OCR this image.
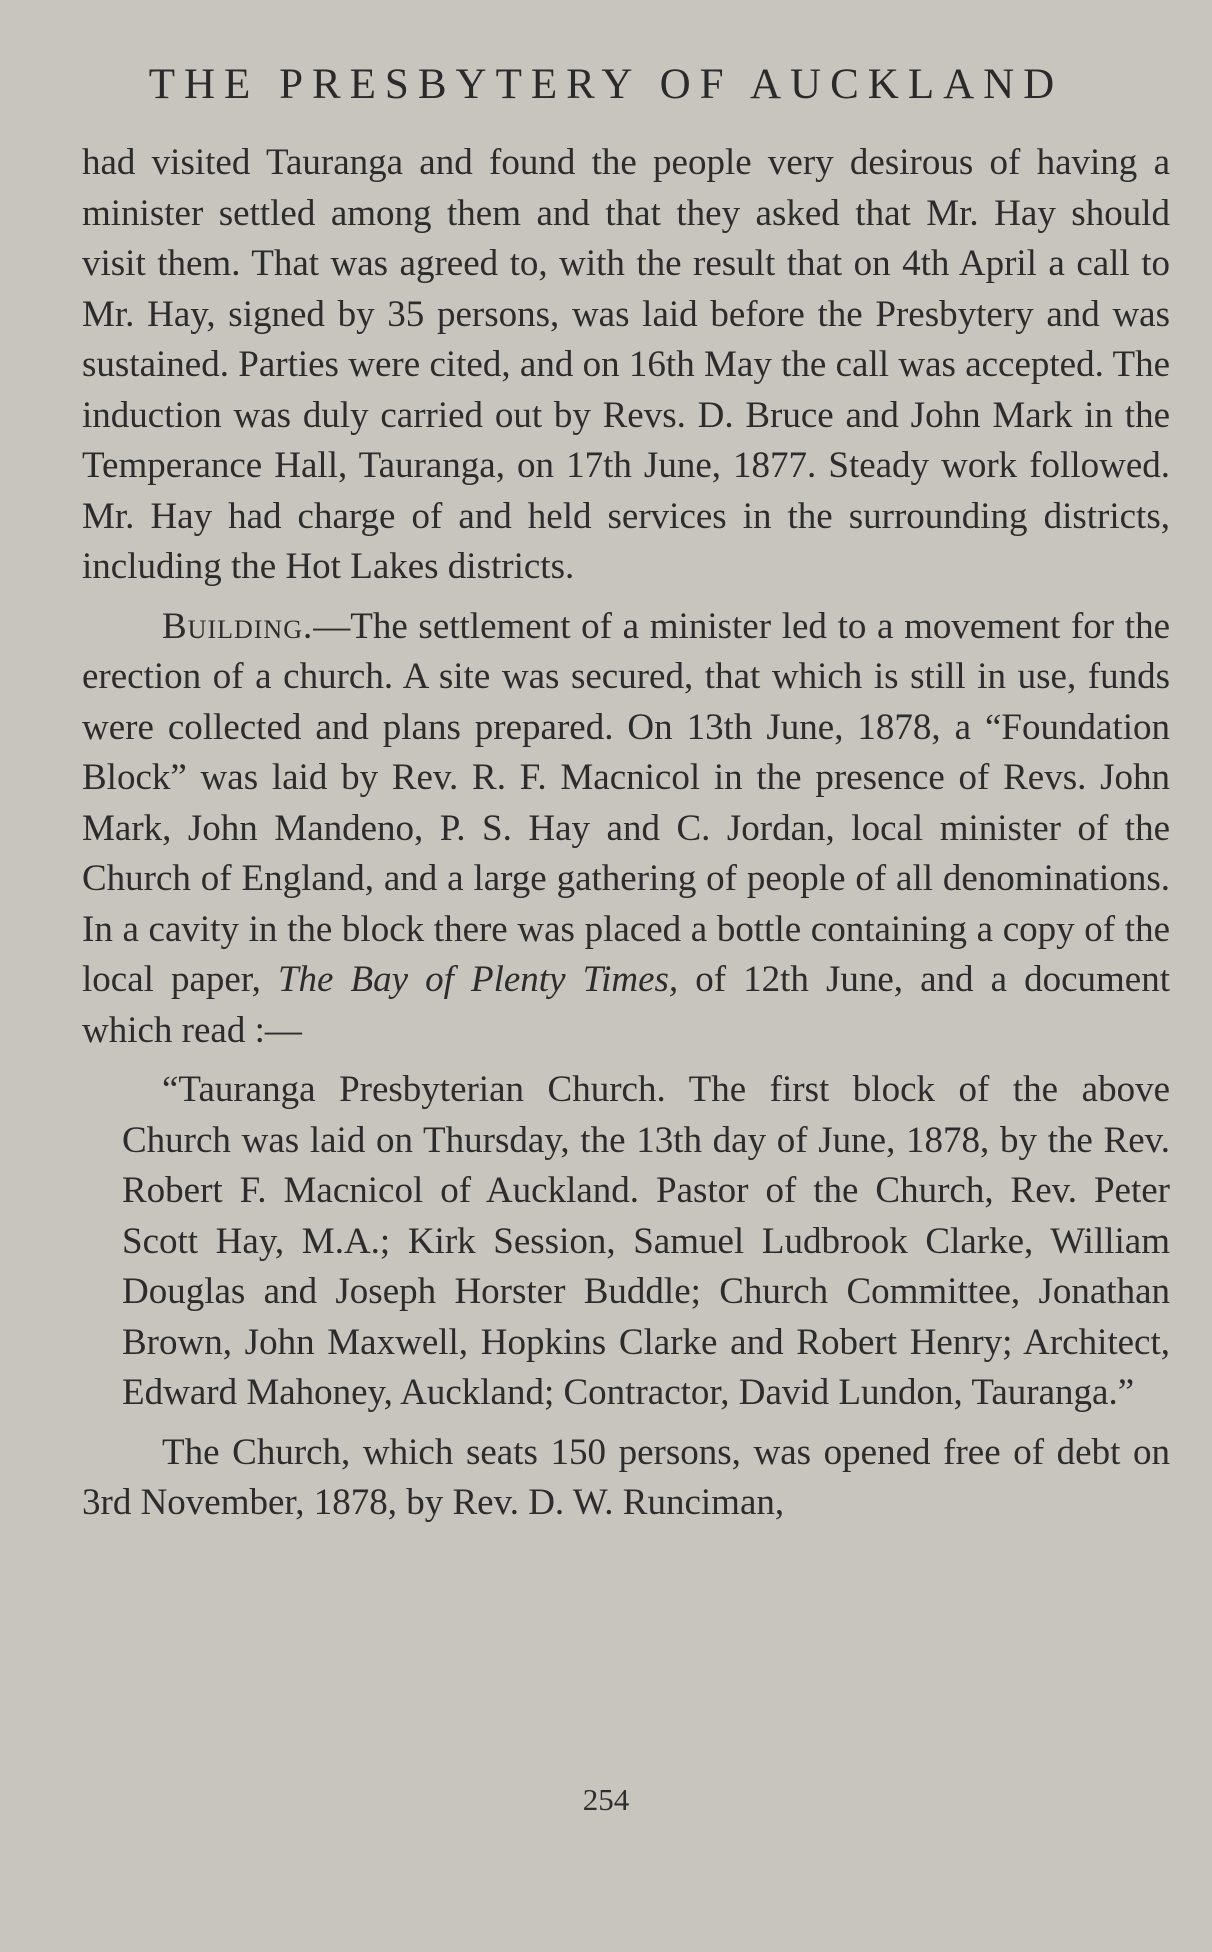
THE PRESBYTERY OF AUCKLAND

had visited Tauranga and found the people very desirous of having a minister settled among them and that they asked that Mr. Hay should visit them. That was agreed to, with the result that on 4th April a call to Mr. Hay, signed by 35 persons, was laid before the Presbytery and was sustained. Parties were cited, and on 16th May the call was accepted. The induction was duly carried out by Revs. D. Bruce and John Mark in the Temperance Hall, Tauranga, on 17th June, 1877. Steady work followed. Mr. Hay had charge of and held services in the surrounding districts, including the Hot Lakes districts.

Building.—The settlement of a minister led to a movement for the erection of a church. A site was secured, that which is still in use, funds were collected and plans prepared. On 13th June, 1878, a “Foundation Block” was laid by Rev. R. F. Macnicol in the presence of Revs. John Mark, John Mandeno, P. S. Hay and C. Jordan, local minister of the Church of England, and a large gathering of people of all denominations. In a cavity in the block there was placed a bottle containing a copy of the local paper, The Bay of Plenty Times, of 12th June, and a document which read :—

“Tauranga Presbyterian Church. The first block of the above Church was laid on Thursday, the 13th day of June, 1878, by the Rev. Robert F. Macnicol of Auckland. Pastor of the Church, Rev. Peter Scott Hay, M.A.; Kirk Session, Samuel Ludbrook Clarke, William Douglas and Joseph Horster Buddle; Church Committee, Jonathan Brown, John Maxwell, Hopkins Clarke and Robert Henry; Architect, Edward Mahoney, Auckland; Contractor, David Lundon, Tauranga.”

The Church, which seats 150 persons, was opened free of debt on 3rd November, 1878, by Rev. D. W. Runciman,

254
